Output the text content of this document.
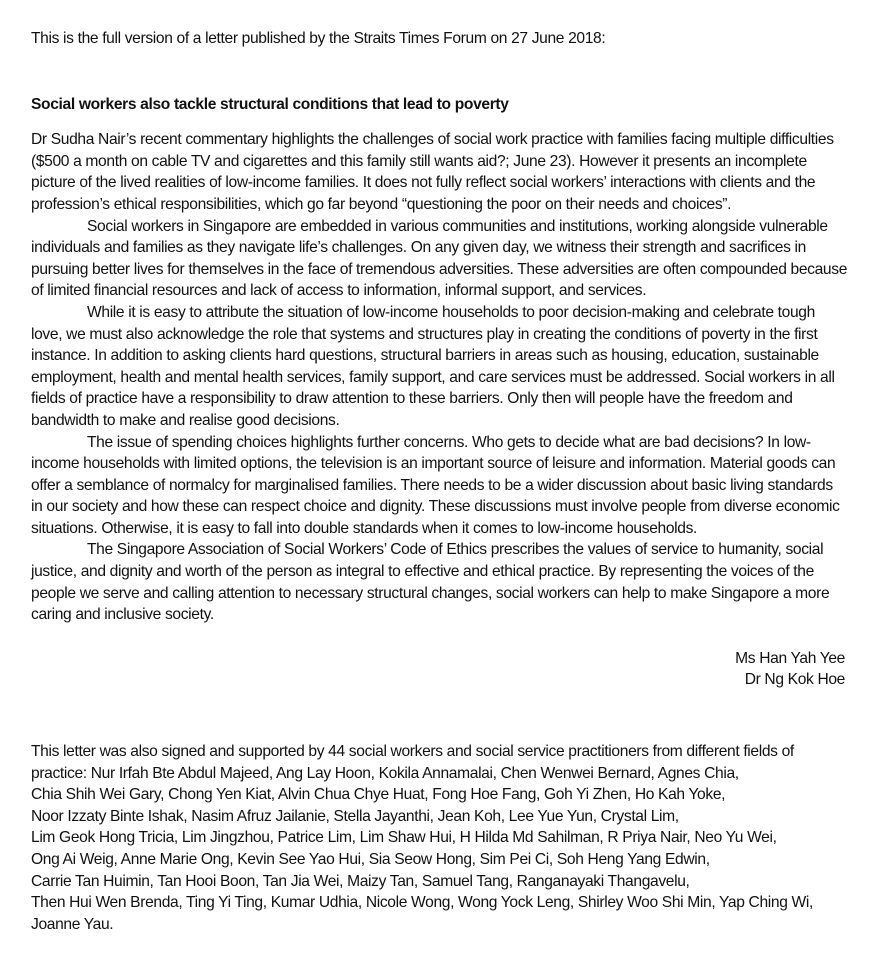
This is the full version of a letter published by the Straits Times Forum on 27 June 2018:

Social workers also tackle structural conditions that lead to poverty

Dr Sudha Nair’s recent commentary highlights the challenges of social work practice with families facing multiple difficulties ($500 a month on cable TV and cigarettes and this family still wants aid?; June 23). However it presents an incomplete picture of the lived realities of low-income families. It does not fully reflect social workers’ interactions with clients and the profession’s ethical responsibilities, which go far beyond “questioning the poor on their needs and choices”.

Social workers in Singapore are embedded in various communities and institutions, working alongside vulnerable individuals and families as they navigate life’s challenges. On any given day, we witness their strength and sacrifices in pursuing better lives for themselves in the face of tremendous adversities. These adversities are often compounded because of limited financial resources and lack of access to information, informal support, and services.

While it is easy to attribute the situation of low-income households to poor decision-making and celebrate tough love, we must also acknowledge the role that systems and structures play in creating the conditions of poverty in the first instance. In addition to asking clients hard questions, structural barriers in areas such as housing, education, sustainable employment, health and mental health services, family support, and care services must be addressed. Social workers in all fields of practice have a responsibility to draw attention to these barriers. Only then will people have the freedom and bandwidth to make and realise good decisions.

The issue of spending choices highlights further concerns. Who gets to decide what are bad decisions? In low-income households with limited options, the television is an important source of leisure and information. Material goods can offer a semblance of normalcy for marginalised families. There needs to be a wider discussion about basic living standards in our society and how these can respect choice and dignity. These discussions must involve people from diverse economic situations. Otherwise, it is easy to fall into double standards when it comes to low-income households.

The Singapore Association of Social Workers’ Code of Ethics prescribes the values of service to humanity, social justice, and dignity and worth of the person as integral to effective and ethical practice. By representing the voices of the people we serve and calling attention to necessary structural changes, social workers can help to make Singapore a more caring and inclusive society.

Ms Han Yah Yee
Dr Ng Kok Hoe
This letter was also signed and supported by 44 social workers and social service practitioners from different fields of
practice: Nur Irfah Bte Abdul Majeed, Ang Lay Hoon, Kokila Annamalai, Chen Wenwei Bernard, Agnes Chia,
Chia Shih Wei Gary, Chong Yen Kiat, Alvin Chua Chye Huat, Fong Hoe Fang, Goh Yi Zhen, Ho Kah Yoke,
Noor Izzaty Binte Ishak, Nasim Afruz Jailanie, Stella Jayanthi, Jean Koh, Lee Yue Yun, Crystal Lim,
Lim Geok Hong Tricia, Lim Jingzhou, Patrice Lim, Lim Shaw Hui, H Hilda Md Sahilman, R Priya Nair, Neo Yu Wei,
Ong Ai Weig, Anne Marie Ong, Kevin See Yao Hui, Sia Seow Hong, Sim Pei Ci, Soh Heng Yang Edwin,
Carrie Tan Huimin, Tan Hooi Boon, Tan Jia Wei, Maizy Tan, Samuel Tang, Ranganayaki Thangavelu,
Then Hui Wen Brenda, Ting Yi Ting, Kumar Udhia, Nicole Wong, Wong Yock Leng, Shirley Woo Shi Min, Yap Ching Wi,
Joanne Yau.
